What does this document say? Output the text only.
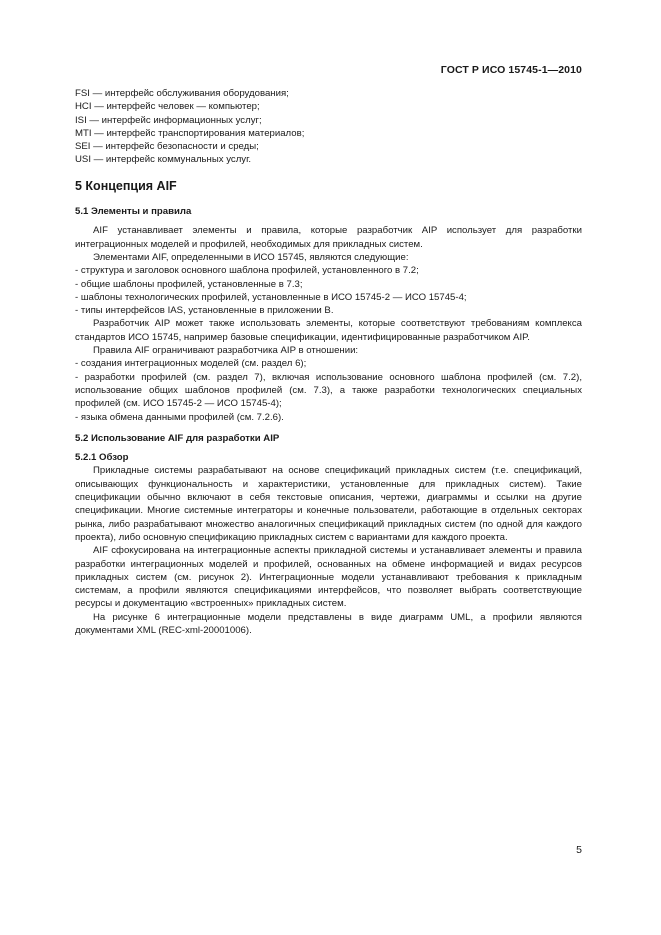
ГОСТ Р ИСО 15745-1—2010
FSI — интерфейс обслуживания оборудования;
HCI — интерфейс человек — компьютер;
ISI — интерфейс информационных услуг;
MTI — интерфейс транспортирования материалов;
SEI — интерфейс безопасности и среды;
USI — интерфейс коммунальных услуг.
5 Концепция AIF
5.1 Элементы и правила

AIF устанавливает элементы и правила, которые разработчик AIP использует для разработки интеграционных моделей и профилей, необходимых для прикладных систем.

Элементами AIF, определенными в ИСО 15745, являются следующие:

- структура и заголовок основного шаблона профилей, установленного в 7.2;

- общие шаблоны профилей, установленные в 7.3;

- шаблоны технологических профилей, установленные в ИСО 15745-2 — ИСО 15745-4;

- типы интерфейсов IAS, установленные в приложении В.

Разработчик AIP может также использовать элементы, которые соответствуют требованиям комплекса стандартов ИСО 15745, например базовые спецификации, идентифицированные разработчиком AIP.

Правила AIF ограничивают разработчика AIP в отношении:

- создания интеграционных моделей (см. раздел 6);

- разработки профилей (см. раздел 7), включая использование основного шаблона профилей (см. 7.2), использование общих шаблонов профилей (см. 7.3), а также разработки технологических специальных профилей (см. ИСО 15745-2 — ИСО 15745-4);

- языка обмена данными профилей (см. 7.2.6).

5.2 Использование AIF для разработки AIP
5.2.1 Обзор

Прикладные системы разрабатывают на основе спецификаций прикладных систем (т.е. спецификаций, описывающих функциональность и характеристики, установленные для прикладных систем). Такие спецификации обычно включают в себя текстовые описания, чертежи, диаграммы и ссылки на другие спецификации. Многие системные интеграторы и конечные пользователи, работающие в отдельных секторах рынка, либо разрабатывают множество аналогичных спецификаций прикладных систем (по одной для каждого проекта), либо основную спецификацию прикладных систем с вариантами для каждого проекта.

AIF сфокусирована на интеграционные аспекты прикладной системы и устанавливает элементы и правила разработки интеграционных моделей и профилей, основанных на обмене информацией и видах ресурсов прикладных систем (см. рисунок 2). Интеграционные модели устанавливают требования к прикладным системам, а профили являются спецификациями интерфейсов, что позволяет выбрать соответствующие ресурсы и документацию «встроенных» прикладных систем.

На рисунке 6 интеграционные модели представлены в виде диаграмм UML, а профили являются документами XML (REC-xml-20001006).

5
